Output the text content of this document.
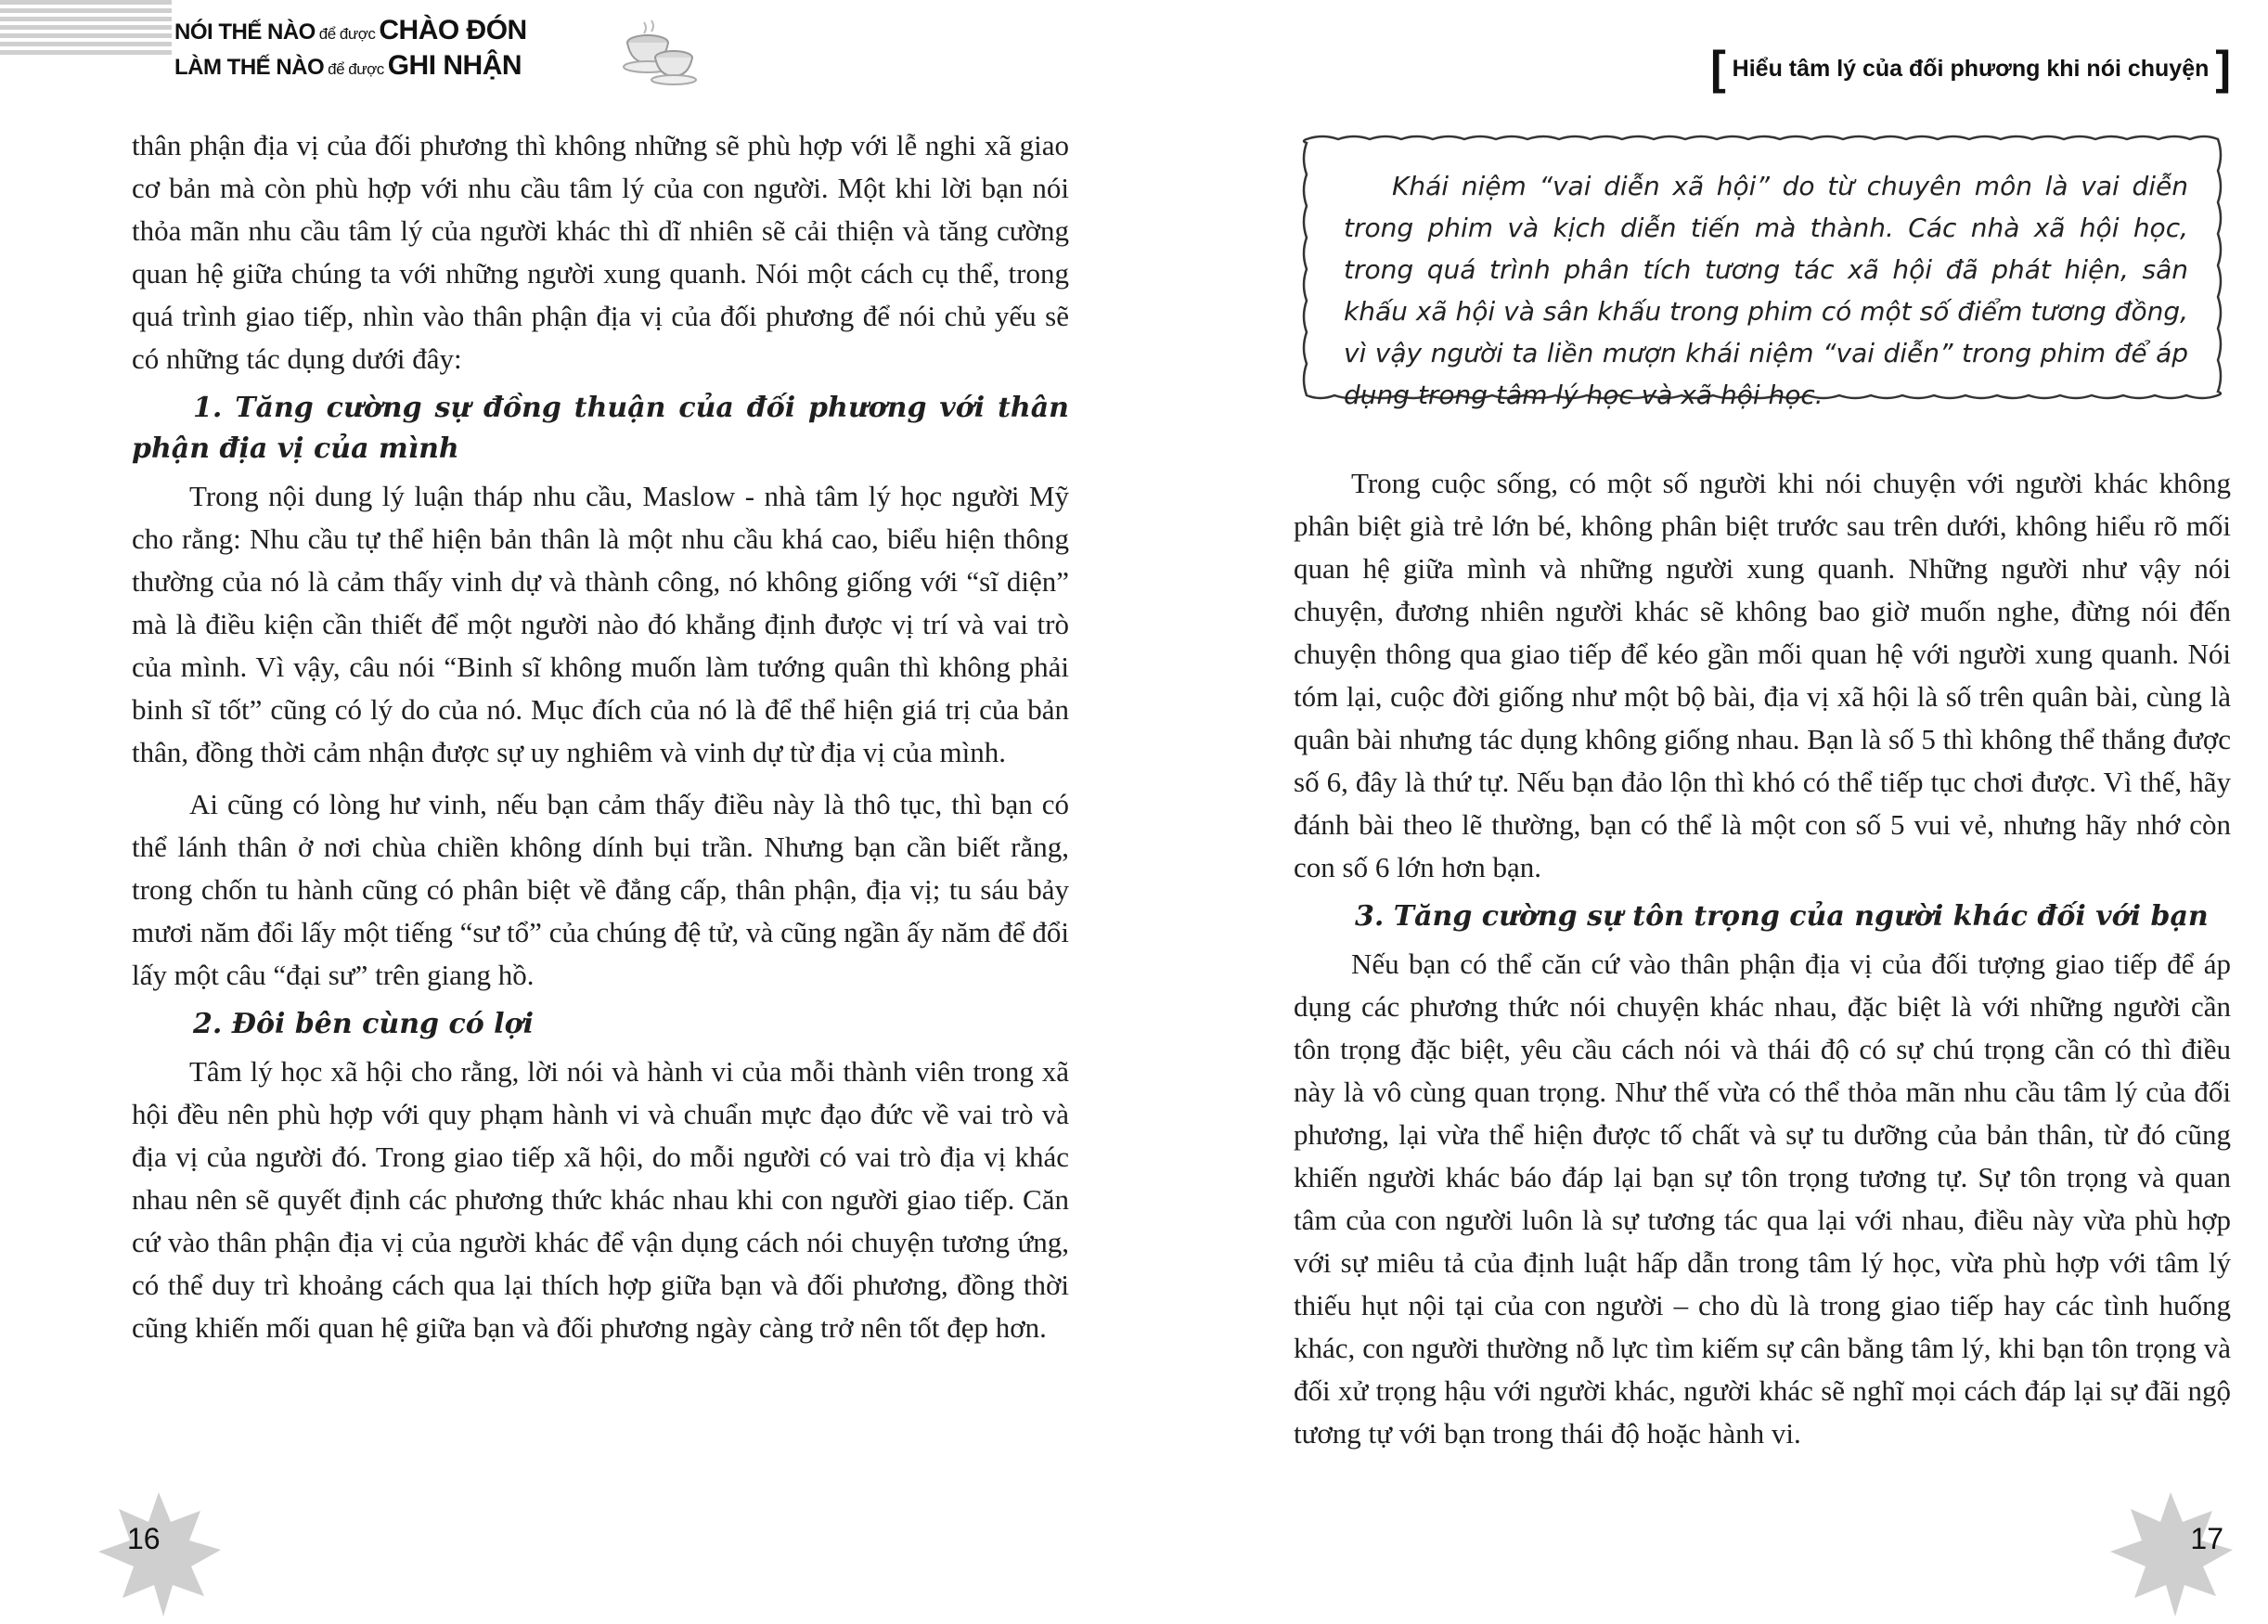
NÓI THẾ NÀO để được CHÀO ĐÓN
LÀM THẾ NÀO để được GHI NHẬN

thân phận địa vị của đối phương thì không những sẽ phù hợp với lễ nghi xã giao cơ bản mà còn phù hợp với nhu cầu tâm lý của con người. Một khi lời bạn nói thỏa mãn nhu cầu tâm lý của người khác thì dĩ nhiên sẽ cải thiện và tăng cường quan hệ giữa chúng ta với những người xung quanh. Nói một cách cụ thể, trong quá trình giao tiếp, nhìn vào thân phận địa vị của đối phương để nói chủ yếu sẽ có những tác dụng dưới đây:

1. Tăng cường sự đồng thuận của đối phương với thân phận địa vị của mình

Trong nội dung lý luận tháp nhu cầu, Maslow - nhà tâm lý học người Mỹ cho rằng: Nhu cầu tự thể hiện bản thân là một nhu cầu khá cao, biểu hiện thông thường của nó là cảm thấy vinh dự và thành công, nó không giống với “sĩ diện” mà là điều kiện cần thiết để một người nào đó khẳng định được vị trí và vai trò của mình. Vì vậy, câu nói “Binh sĩ không muốn làm tướng quân thì không phải binh sĩ tốt” cũng có lý do của nó. Mục đích của nó là để thể hiện giá trị của bản thân, đồng thời cảm nhận được sự uy nghiêm và vinh dự từ địa vị của mình.

Ai cũng có lòng hư vinh, nếu bạn cảm thấy điều này là thô tục, thì bạn có thể lánh thân ở nơi chùa chiền không dính bụi trần. Nhưng bạn cần biết rằng, trong chốn tu hành cũng có phân biệt về đẳng cấp, thân phận, địa vị; tu sáu bảy mươi năm đổi lấy một tiếng “sư tổ” của chúng đệ tử, và cũng ngần ấy năm để đổi lấy một câu “đại sư” trên giang hồ.

2. Đôi bên cùng có lợi

Tâm lý học xã hội cho rằng, lời nói và hành vi của mỗi thành viên trong xã hội đều nên phù hợp với quy phạm hành vi và chuẩn mực đạo đức về vai trò và địa vị của người đó. Trong giao tiếp xã hội, do mỗi người có vai trò địa vị khác nhau nên sẽ quyết định các phương thức khác nhau khi con người giao tiếp. Căn cứ vào thân phận địa vị của người khác để vận dụng cách nói chuyện tương ứng, có thể duy trì khoảng cách qua lại thích hợp giữa bạn và đối phương, đồng thời cũng khiến mối quan hệ giữa bạn và đối phương ngày càng trở nên tốt đẹp hơn.

16
[ Hiểu tâm lý của đối phương khi nói chuyện ]
Khái niệm “vai diễn xã hội” do từ chuyên môn là vai diễn trong phim và kịch diễn tiến mà thành. Các nhà xã hội học, trong quá trình phân tích tương tác xã hội đã phát hiện, sân khấu xã hội và sân khấu trong phim có một số điểm tương đồng, vì vậy người ta liền mượn khái niệm “vai diễn” trong phim để áp dụng trong tâm lý học và xã hội học.

Trong cuộc sống, có một số người khi nói chuyện với người khác không phân biệt già trẻ lớn bé, không phân biệt trước sau trên dưới, không hiểu rõ mối quan hệ giữa mình và những người xung quanh. Những người như vậy nói chuyện, đương nhiên người khác sẽ không bao giờ muốn nghe, đừng nói đến chuyện thông qua giao tiếp để kéo gần mối quan hệ với người xung quanh. Nói tóm lại, cuộc đời giống như một bộ bài, địa vị xã hội là số trên quân bài, cùng là quân bài nhưng tác dụng không giống nhau. Bạn là số 5 thì không thể thắng được số 6, đây là thứ tự. Nếu bạn đảo lộn thì khó có thể tiếp tục chơi được. Vì thế, hãy đánh bài theo lẽ thường, bạn có thể là một con số 5 vui vẻ, nhưng hãy nhớ còn con số 6 lớn hơn bạn.

3. Tăng cường sự tôn trọng của người khác đối với bạn

Nếu bạn có thể căn cứ vào thân phận địa vị của đối tượng giao tiếp để áp dụng các phương thức nói chuyện khác nhau, đặc biệt là với những người cần tôn trọng đặc biệt, yêu cầu cách nói và thái độ có sự chú trọng cần có thì điều này là vô cùng quan trọng. Như thế vừa có thể thỏa mãn nhu cầu tâm lý của đối phương, lại vừa thể hiện được tố chất và sự tu dưỡng của bản thân, từ đó cũng khiến người khác báo đáp lại bạn sự tôn trọng tương tự. Sự tôn trọng và quan tâm của con người luôn là sự tương tác qua lại với nhau, điều này vừa phù hợp với sự miêu tả của định luật hấp dẫn trong tâm lý học, vừa phù hợp với tâm lý thiếu hụt nội tại của con người – cho dù là trong giao tiếp hay các tình huống khác, con người thường nỗ lực tìm kiếm sự cân bằng tâm lý, khi bạn tôn trọng và đối xử trọng hậu với người khác, người khác sẽ nghĩ mọi cách đáp lại sự đãi ngộ tương tự với bạn trong thái độ hoặc hành vi.

17
